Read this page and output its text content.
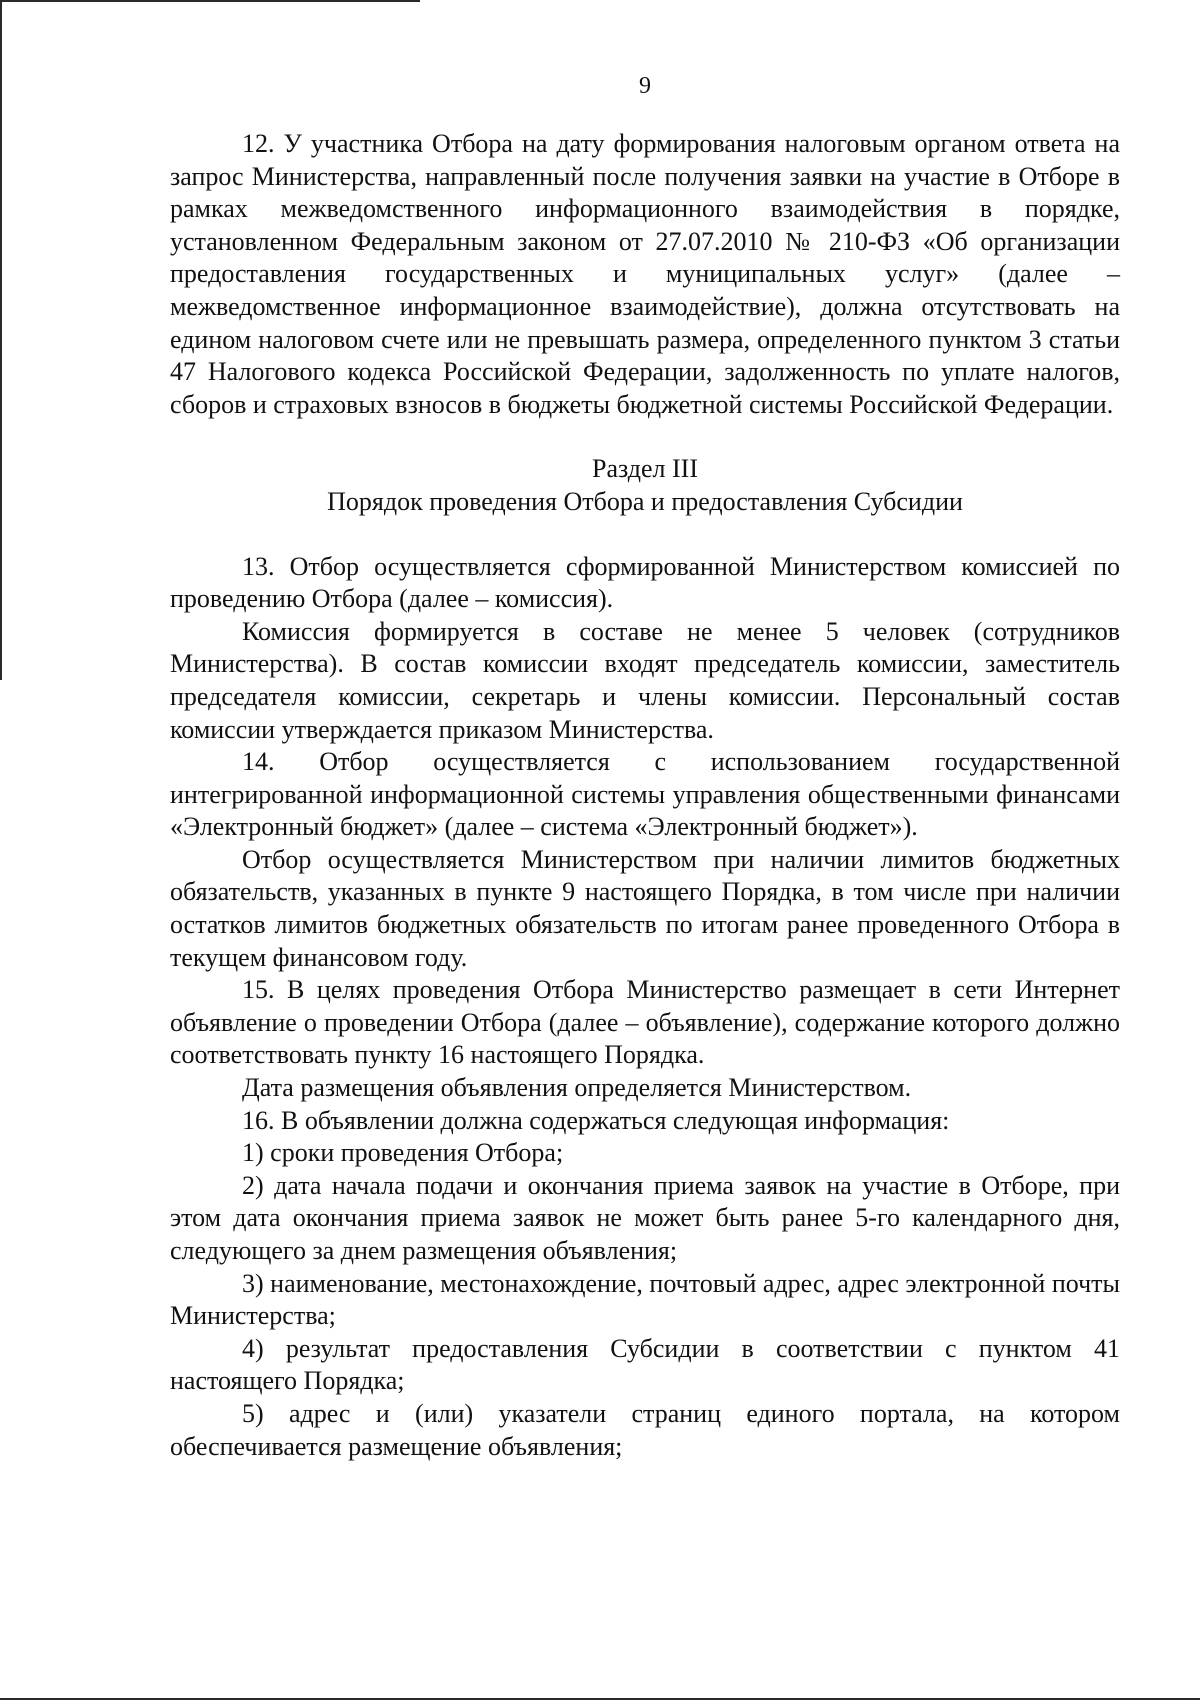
9

12. У участника Отбора на дату формирования налоговым органом ответа на запрос Министерства, направленный после получения заявки на участие в Отборе в рамках межведомственного информационного взаимодействия в порядке, установленном Федеральным законом от 27.07.2010 № 210-ФЗ «Об организации предоставления государственных и муниципальных услуг» (далее – межведомственное информационное взаимодействие), должна отсутствовать на едином налоговом счете или не превышать размера, определенного пунктом 3 статьи 47 Налогового кодекса Российской Федерации, задолженность по уплате налогов, сборов и страховых взносов в бюджеты бюджетной системы Российской Федерации.

Раздел III

Порядок проведения Отбора и предоставления Субсидии

13. Отбор осуществляется сформированной Министерством комиссией по проведению Отбора (далее – комиссия).

Комиссия формируется в составе не менее 5 человек (сотрудников Министерства). В состав комиссии входят председатель комиссии, заместитель председателя комиссии, секретарь и члены комиссии. Персональный состав комиссии утверждается приказом Министерства.

14. Отбор осуществляется с использованием государственной интегрированной информационной системы управления общественными финансами «Электронный бюджет» (далее – система «Электронный бюджет»).

Отбор осуществляется Министерством при наличии лимитов бюджетных обязательств, указанных в пункте 9 настоящего Порядка, в том числе при наличии остатков лимитов бюджетных обязательств по итогам ранее проведенного Отбора в текущем финансовом году.

15. В целях проведения Отбора Министерство размещает в сети Интернет объявление о проведении Отбора (далее – объявление), содержание которого должно соответствовать пункту 16 настоящего Порядка.

Дата размещения объявления определяется Министерством.

16. В объявлении должна содержаться следующая информация:

1) сроки проведения Отбора;

2) дата начала подачи и окончания приема заявок на участие в Отборе, при этом дата окончания приема заявок не может быть ранее 5-го календарного дня, следующего за днем размещения объявления;

3) наименование, местонахождение, почтовый адрес, адрес электронной почты Министерства;

4) результат предоставления Субсидии в соответствии с пунктом 41 настоящего Порядка;

5) адрес и (или) указатели страниц единого портала, на котором обеспечивается размещение объявления;
